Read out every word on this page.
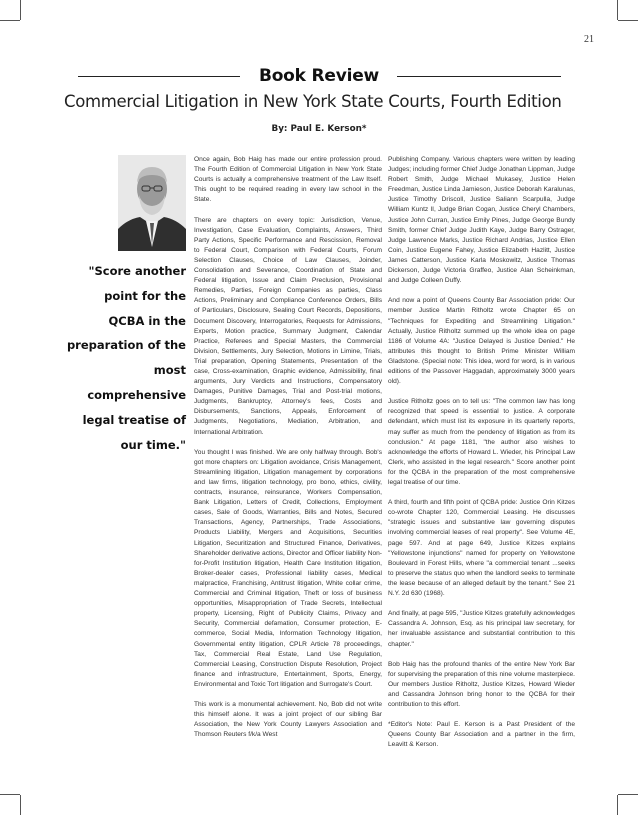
21
Book Review
Commercial Litigation in New York State Courts, Fourth Edition
By: Paul E. Kerson*
"Score another point for the QCBA in the preparation of the most comprehensive legal treatise of our time."

Once again, Bob Haig has made our entire profession proud. The Fourth Edition of Commercial Litigation in New York State Courts is actually a comprehensive treatment of the Law Itself. This ought to be required reading in every law school in the State.

There are chapters on every topic: Jurisdiction, Venue, Investigation, Case Evaluation, Complaints, Answers, Third Party Actions, Specific Performance and Rescission, Removal to Federal Court, Comparison with Federal Courts, Forum Selection Clauses, Choice of Law Clauses, Joinder, Consolidation and Severance, Coordination of State and Federal litigation, Issue and Claim Preclusion, Provisional Remedies, Parties, Foreign Companies as parties, Class Actions, Preliminary and Compliance Conference Orders, Bills of Particulars, Disclosure, Sealing Court Records, Depositions, Document Discovery, Interrogatories, Requests for Admissions, Experts, Motion practice, Summary Judgment, Calendar Practice, Referees and Special Masters, the Commercial Division, Settlements, Jury Selection, Motions in Limine, Trials, Trial preparation, Opening Statements, Presentation of the case, Cross-examination, Graphic evidence, Admissibility, final arguments, Jury Verdicts and Instructions, Compensatory Damages, Punitive Damages, Trial and Post-trial motions, Judgments, Bankruptcy, Attorney's fees, Costs and Disbursements, Sanctions, Appeals, Enforcement of Judgments, Negotiations, Mediation, Arbitration, and International Arbitration.

You thought I was finished. We are only halfway through. Bob's got more chapters on: Litigation avoidance, Crisis Management, Streamlining litigation, Litigation management by corporations and law firms, litigation technology, pro bono, ethics, civility, contracts, insurance, reinsurance, Workers Compensation, Bank Litigation, Letters of Credit, Collections, Employment cases, Sale of Goods, Warranties, Bills and Notes, Secured Transactions, Agency, Partnerships, Trade Associations, Products Liability, Mergers and Acquisitions, Securities Litigation, Securitization and Structured Finance, Derivatives, Shareholder derivative actions, Director and Officer liability Non-for-Profit Institution litigation, Health Care Institution litigation, Broker-dealer cases, Professional liability cases, Medical malpractice, Franchising, Antitrust litigation, White collar crime, Commercial and Criminal litigation, Theft or loss of business opportunities, Misappropriation of Trade Secrets, Intellectual property, Licensing, Right of Publicity Claims, Privacy and Security, Commercial defamation, Consumer protection, E-commerce, Social Media, Information Technology litigation, Governmental entity litigation, CPLR Article 78 proceedings, Tax, Commercial Real Estate, Land Use Regulation, Commercial Leasing, Construction Dispute Resolution, Project finance and infrastructure, Entertainment, Sports, Energy, Environmental and Toxic Tort litigation and Surrogate's Court.

This work is a monumental achievement. No, Bob did not write this himself alone. It was a joint project of our sibling Bar Association, the New York County Lawyers Association and Thomson Reuters f/k/a West

Publishing Company. Various chapters were written by leading Judges; including former Chief Judge Jonathan Lippman, Judge Robert Smith, Judge Michael Mukasey, Justice Helen Freedman, Justice Linda Jamieson, Justice Deborah Karalunas, Justice Timothy Driscoll, Justice Saliann Scarpulla, Judge William Kuntz II, Judge Brian Cogan, Justice Cheryl Chambers, Justice John Curran, Justice Emily Pines, Judge George Bundy Smith, former Chief Judge Judith Kaye, Judge Barry Ostrager, Judge Lawrence Marks, Justice Richard Andrias, Justice Ellen Coin, Justice Eugene Fahey, Justice Elizabeth Hazlitt, Justice James Catterson, Justice Karla Moskowitz, Justice Thomas Dickerson, Judge Victoria Graffeo, Justice Alan Scheinkman, and Judge Colleen Duffy.

And now a point of Queens County Bar Association pride: Our member Justice Martin Ritholtz wrote Chapter 65 on "Techniques for Expediting and Streamlining Litigation." Actually, Justice Ritholtz summed up the whole idea on page 1186 of Volume 4A: "Justice Delayed is Justice Denied." He attributes this thought to British Prime Minister William Gladstone. (Special note: This idea, word for word, is in various editions of the Passover Haggadah, approximately 3000 years old).

Justice Ritholtz goes on to tell us: "The common law has long recognized that speed is essential to justice. A corporate defendant, which must list its exposure in its quarterly reports, may suffer as much from the pendency of litigation as from its conclusion." At page 1181, "the author also wishes to acknowledge the efforts of Howard L. Wieder, his Principal Law Clerk, who assisted in the legal research." Score another point for the QCBA in the preparation of the most comprehensive legal treatise of our time.

A third, fourth and fifth point of QCBA pride: Justice Orin Kitzes co-wrote Chapter 120, Commercial Leasing. He discusses "strategic issues and substantive law governing disputes involving commercial leases of real property". See Volume 4E, page 597. And at page 649, Justice Kitzes explains "Yellowstone injunctions" named for property on Yellowstone Boulevard in Forest Hills, where "a commercial tenant ...seeks to preserve the status quo when the landlord seeks to terminate the lease because of an alleged default by the tenant." See 21 N.Y. 2d 630 (1968).

And finally, at page 595, "Justice Kitzes gratefully acknowledges Cassandra A. Johnson, Esq. as his principal law secretary, for her invaluable assistance and substantial contribution to this chapter."

Bob Haig has the profound thanks of the entire New York Bar for supervising the preparation of this nine volume masterpiece. Our members Justice Ritholtz, Justice Kitzes, Howard Wieder and Cassandra Johnson bring honor to the QCBA for their contribution to this effort.

*Editor's Note: Paul E. Kerson is a Past President of the Queens County Bar Association and a partner in the firm, Leavitt & Kerson.
